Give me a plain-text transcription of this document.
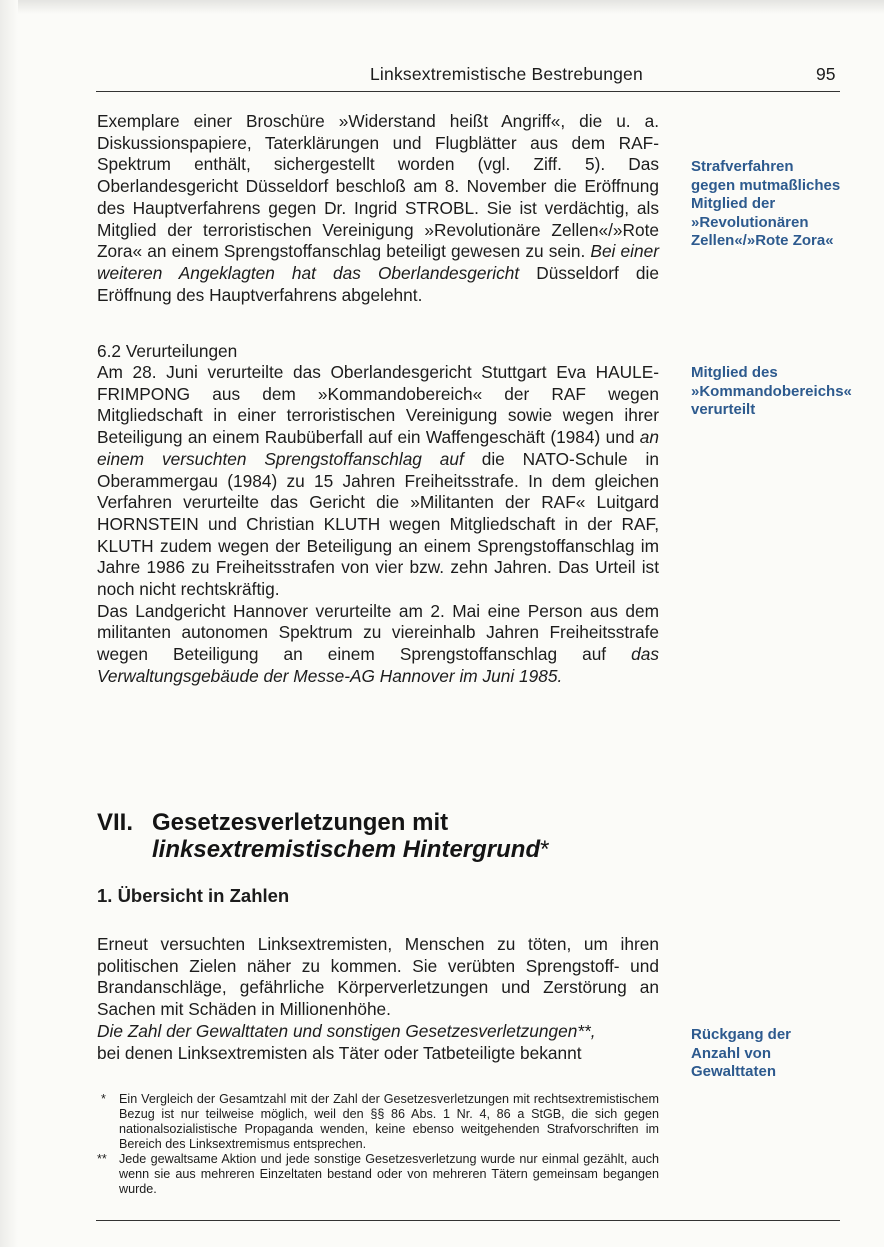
Linksextremistische Bestrebungen	95

Exemplare einer Broschüre »Widerstand heißt Angriff«, die u. a. Diskussionspapiere, Taterklärungen und Flugblätter aus dem RAF-Spektrum enthält, sichergestellt worden (vgl. Ziff. 5). Das Oberlandesgericht Düsseldorf beschloß am 8. November die Eröffnung des Hauptverfahrens gegen Dr. Ingrid STROBL. Sie ist verdächtig, als Mitglied der terroristischen Vereinigung »Revolutionäre Zellen«/»Rote Zora« an einem Sprengstoffanschlag beteiligt gewesen zu sein. Bei einer weiteren Angeklagten hat das Oberlandesgericht Düsseldorf die Eröffnung des Hauptverfahrens abgelehnt.

6.2 Verurteilungen

Am 28. Juni verurteilte das Oberlandesgericht Stuttgart Eva HAULE-FRIMPONG aus dem »Kommandobereich« der RAF wegen Mitgliedschaft in einer terroristischen Vereinigung sowie wegen ihrer Beteiligung an einem Raubüberfall auf ein Waffengeschäft (1984) und an einem versuchten Sprengstoffanschlag auf die NATO-Schule in Oberammergau (1984) zu 15 Jahren Freiheitsstrafe. In dem gleichen Verfahren verurteilte das Gericht die »Militanten der RAF« Luitgard HORNSTEIN und Christian KLUTH wegen Mitgliedschaft in der RAF, KLUTH zudem wegen der Beteiligung an einem Sprengstoffanschlag im Jahre 1986 zu Freiheitsstrafen von vier bzw. zehn Jahren. Das Urteil ist noch nicht rechtskräftig.

Das Landgericht Hannover verurteilte am 2. Mai eine Person aus dem militanten autonomen Spektrum zu viereinhalb Jahren Freiheitsstrafe wegen Beteiligung an einem Sprengstoffanschlag auf das Verwaltungsgebäude der Messe-AG Hannover im Juni 1985.

Strafverfahren gegen mutmaßliches Mitglied der »Revolutionären Zellen«/»Rote Zora«
Mitglied des »Kommandobereichs« verurteilt
VII. Gesetzesverletzungen mit
linksextremistischem Hintergrund*
1. Übersicht in Zahlen

Erneut versuchten Linksextremisten, Menschen zu töten, um ihren politischen Zielen näher zu kommen. Sie verübten Sprengstoff- und Brandanschläge, gefährliche Körperverletzungen und Zerstörung an Sachen mit Schäden in Millionenhöhe.

Die Zahl der Gewalttaten und sonstigen Gesetzesverletzungen**,
bei denen Linksextremisten als Täter oder Tatbeteiligte bekannt

Rückgang der Anzahl von Gewalttaten
* Ein Vergleich der Gesamtzahl mit der Zahl der Gesetzesverletzungen mit rechtsextremistischem Bezug ist nur teilweise möglich, weil den §§ 86 Abs. 1 Nr. 4, 86 a StGB, die sich gegen nationalsozialistische Propaganda wenden, keine ebenso weitgehenden Strafvorschriften im Bereich des Linksextremismus entsprechen.
** Jede gewaltsame Aktion und jede sonstige Gesetzesverletzung wurde nur einmal gezählt, auch wenn sie aus mehreren Einzeltaten bestand oder von mehreren Tätern gemeinsam begangen wurde.
